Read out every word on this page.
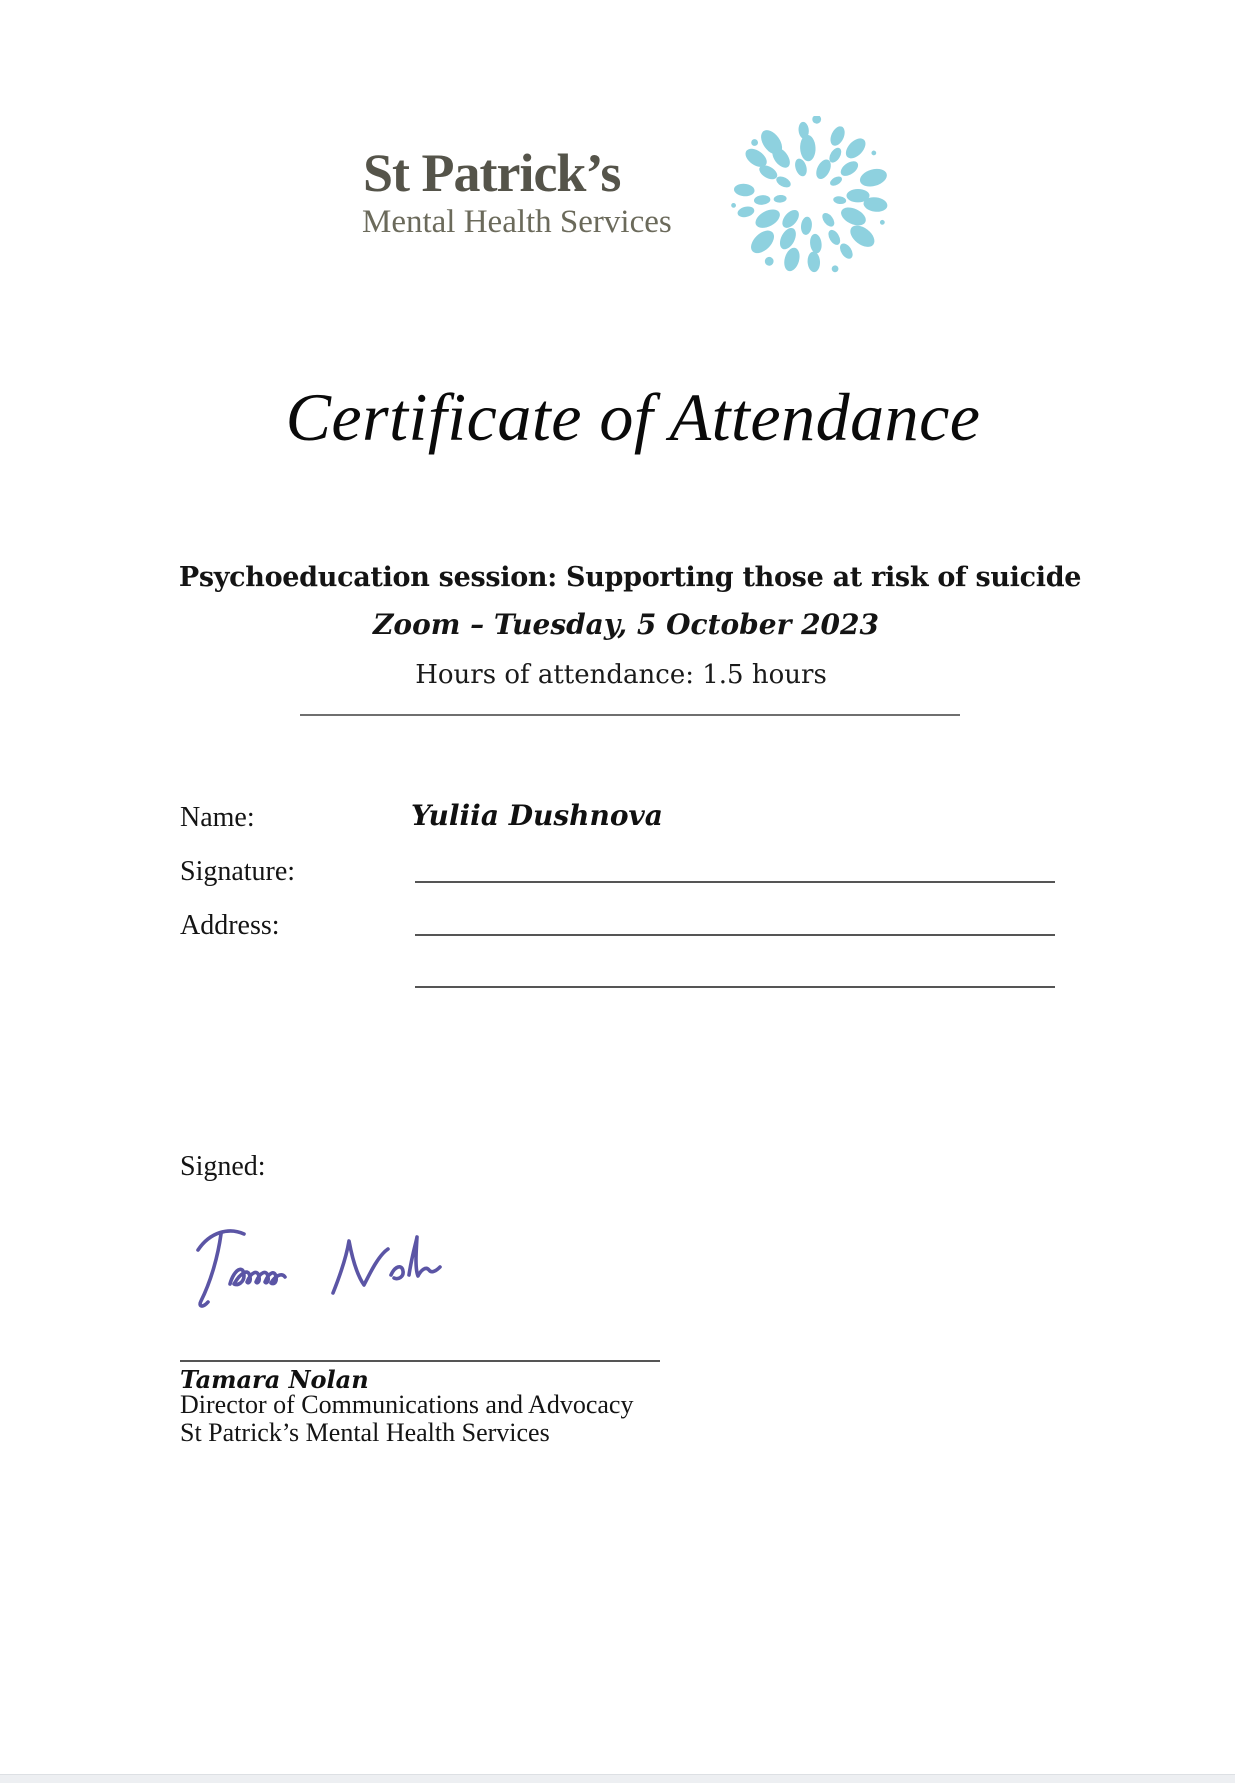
St Patrick’s
Mental Health Services
Certificate of Attendance
Psychoeducation session: Supporting those at risk of suicide
Zoom – Tuesday, 5 October 2023
Hours of attendance: 1.5 hours
Name:	Yuliia Dushnova
Signature:
Address:
Signed:
Tamara Nolan
Director of Communications and Advocacy
St Patrick’s Mental Health Services
